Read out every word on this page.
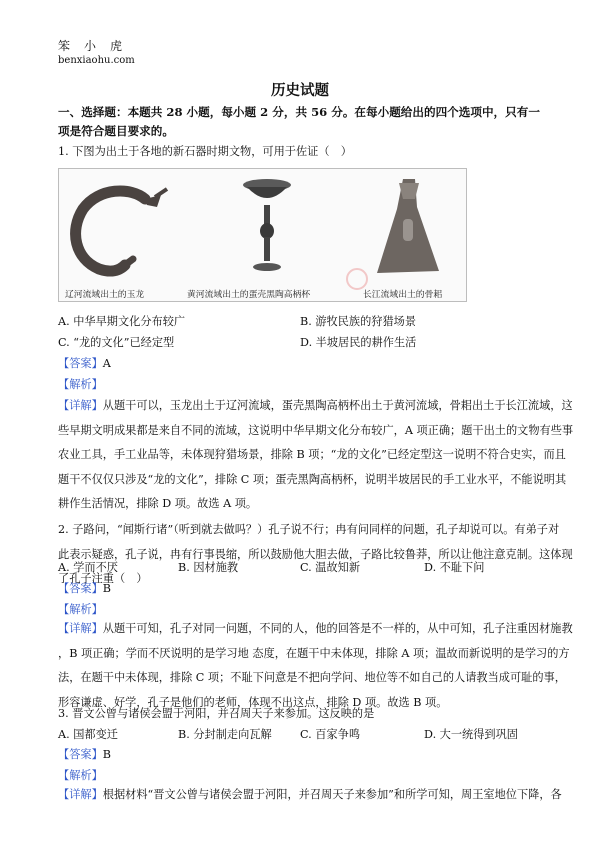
笨　小　虎
benxiaohu.com
历史试题
一、选择题：本题共 28 小题，每小题 2 分，共 56 分。在每小题给出的四个选项中，只有一
项是符合题目要求的。
1. 下图为出土于各地的新石器时期文物，可用于佐证（　）
辽河流域出土的玉龙	黄河流域出土的蛋壳黑陶高柄杯	长江流域出土的骨耜
A. 中华早期文化分布较广	B. 游牧民族的狩猎场景
C. “龙的文化”已经定型	D. 半坡居民的耕作生活
【答案】A
【解析】
【详解】从题干可以，玉龙出土于辽河流域，蛋壳黑陶高柄杯出土于黄河流域，骨耜出土于长江流域，这
些早期文明成果都是来自不同的流域，这说明中华早期文化分布较广，A 项正确；题干出土的文物有些事
农业工具，手工业品等，未体现狩猎场景，排除 B 项；“龙的文化”已经定型这一说明不符合史实，而且
题干不仅仅只涉及“龙的文化”，排除 C 项；蛋壳黑陶高柄杯，说明半坡居民的手工业水平，不能说明其
耕作生活情况，排除 D 项。故选 A 项。
2. 子路问，“闻斯行诸”（听到就去做吗？）孔子说不行；冉有问同样的问题，孔子却说可以。有弟子对
此表示疑惑，孔子说，冉有行事畏缩，所以鼓励他大胆去做，子路比较鲁莽，所以让他注意克制。这体现
了孔子注重（　）
A. 学而不厌	B. 因材施教	C. 温故知新	D. 不耻下问
【答案】B
【解析】
【详解】从题干可知，孔子对同一问题，不同的人，他的回答是不一样的，从中可知，孔子注重因材施教
，B 项正确；学而不厌说明的是学习地 态度，在题干中未体现，排除 A 项；温故而新说明的是学习的方
法，在题干中未体现，排除 C 项；不耻下问意是不把向学问、地位等不如自己的人请教当成可耻的事，
形容谦虚、好学，孔子是他们的老师，体现不出这点，排除 D 项。故选 B 项。
3. 晋文公曾与诸侯会盟于河阳，并召周天子来参加。这反映的是
A. 国都变迁	B. 分封制走向瓦解	C. 百家争鸣	D. 大一统得到巩固
【答案】B
【解析】
【详解】根据材料“晋文公曾与诸侯会盟于河阳，并召周天子来参加”和所学可知，周王室地位下降，各
